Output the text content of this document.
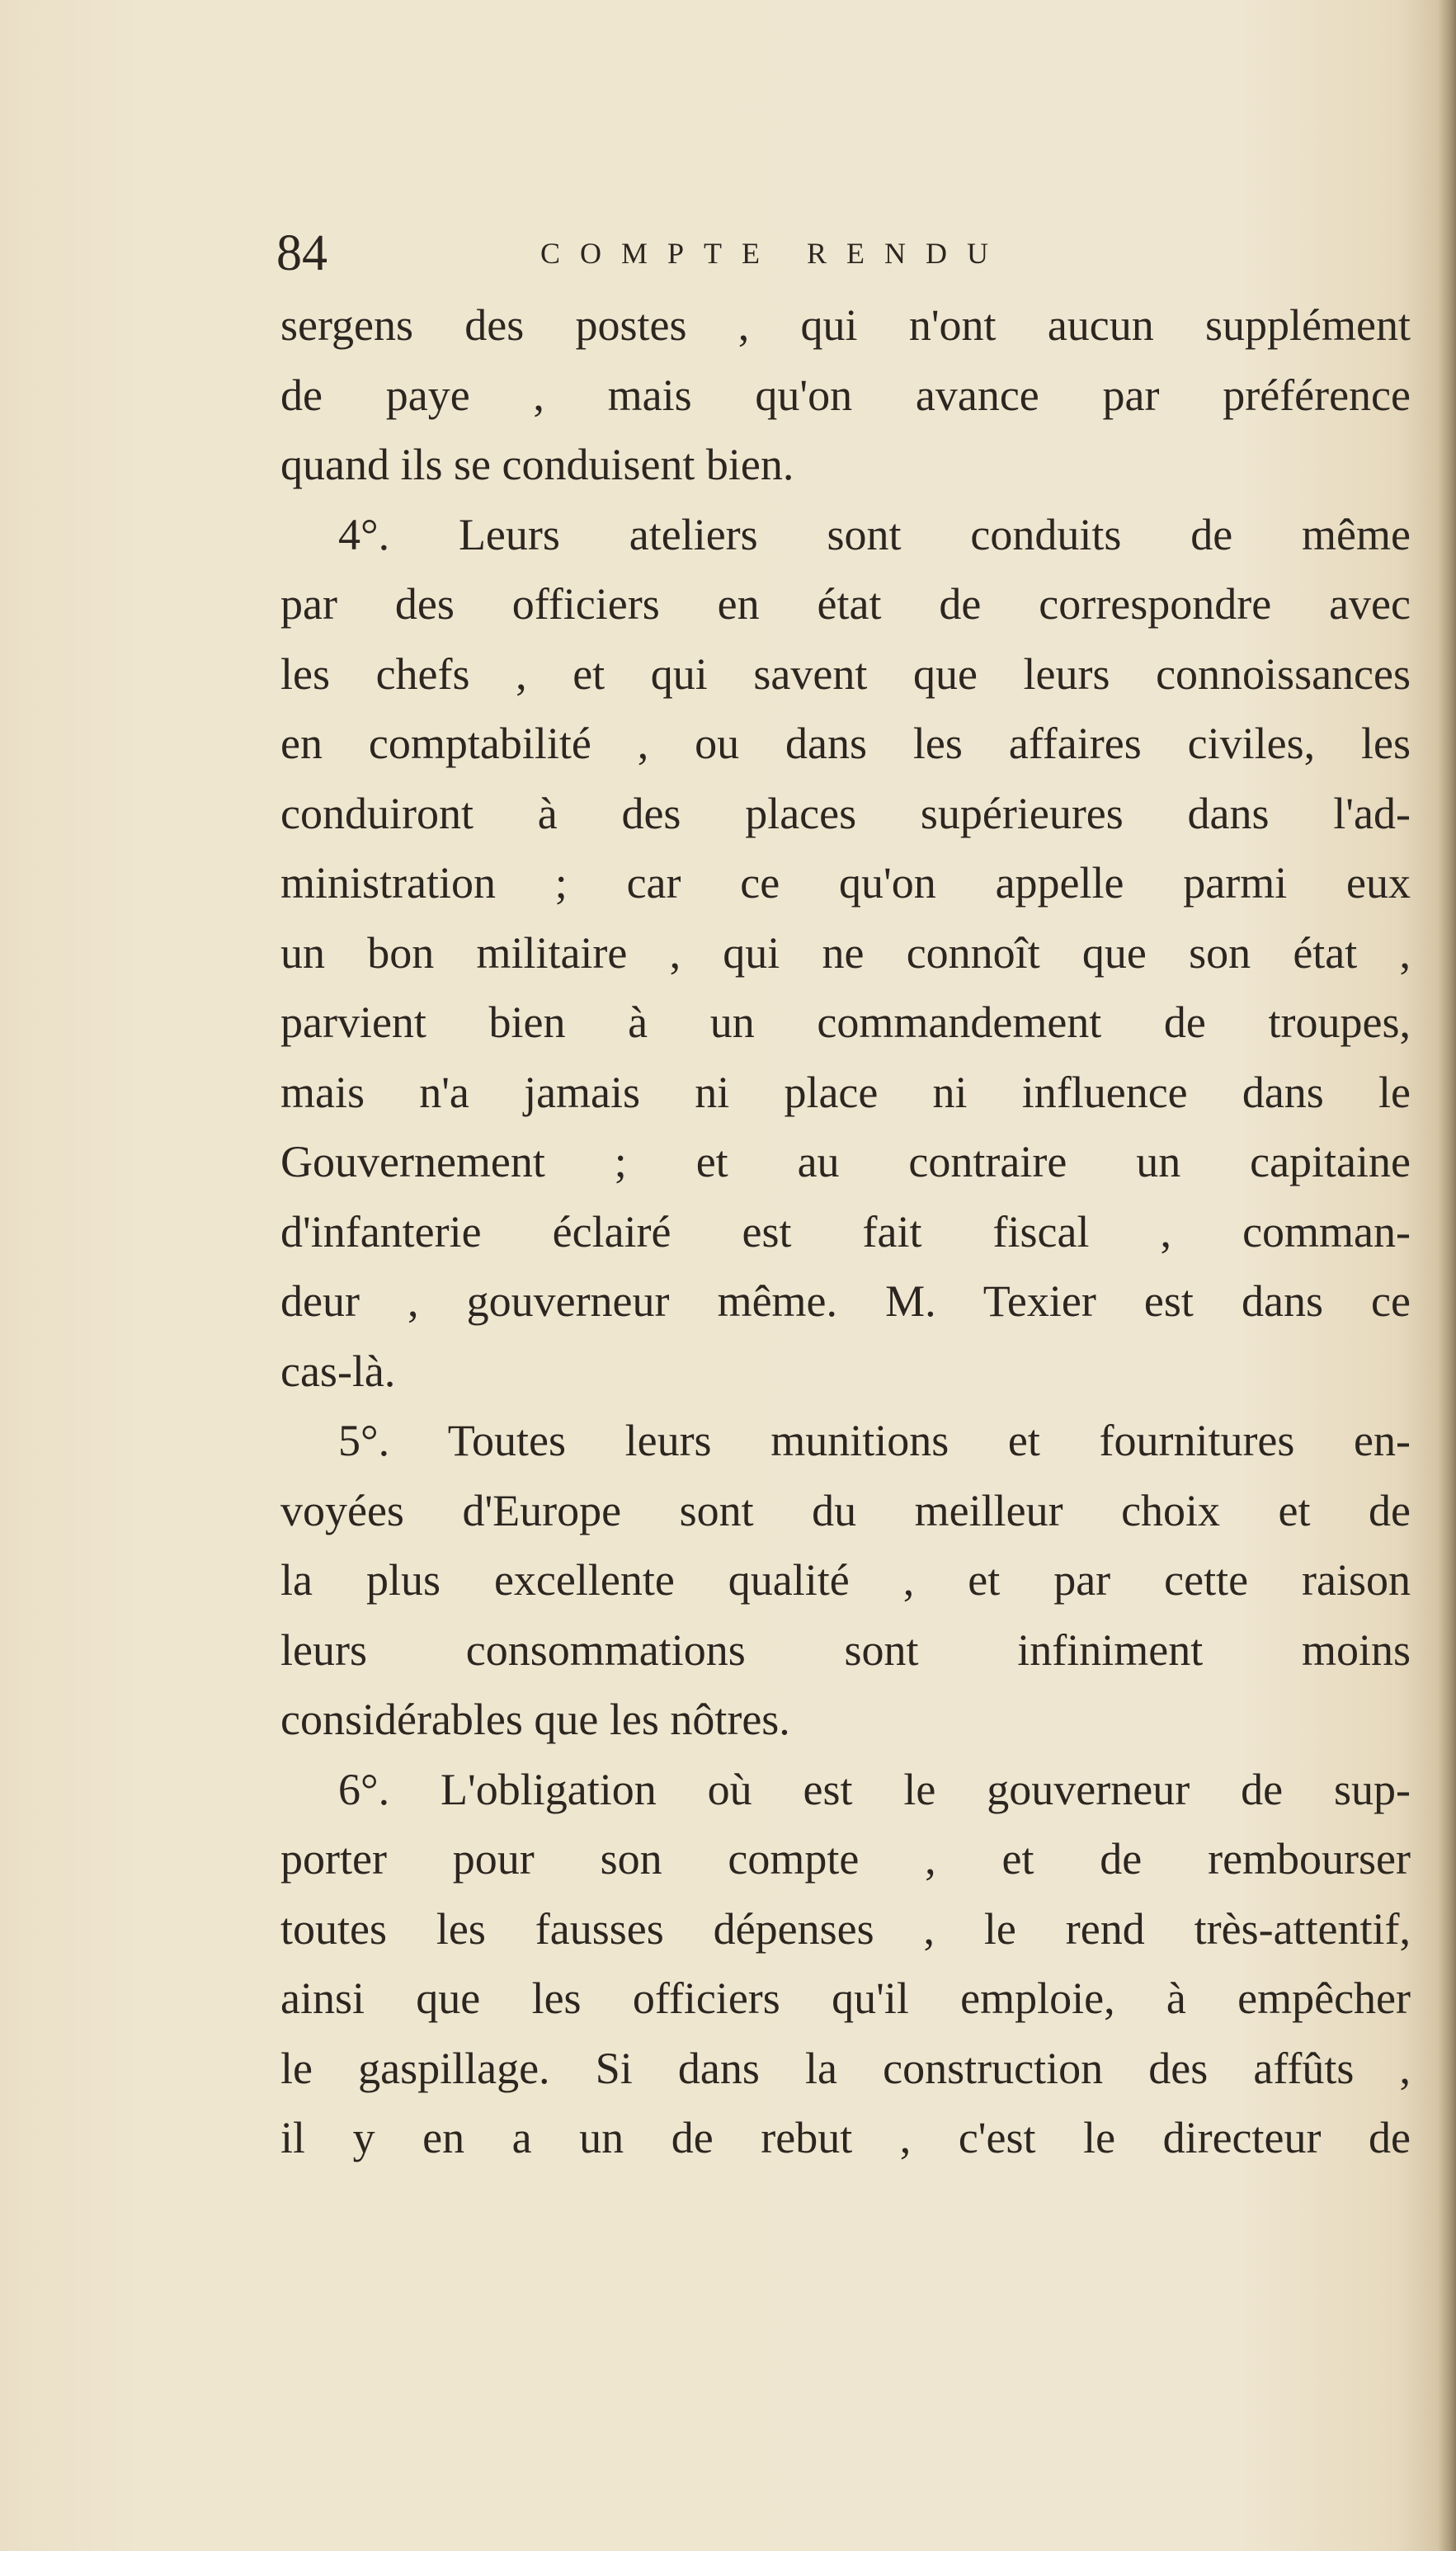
84	COMPTE RENDU
sergens des postes , qui n'ont aucun supplément
de paye , mais qu'on avance par préférence
quand ils se conduisent bien.
4°. Leurs ateliers sont conduits de même
par des officiers en état de correspondre avec
les chefs , et qui savent que leurs connoissances
en comptabilité , ou dans les affaires civiles, les
conduiront à des places supérieures dans l'ad-
ministration ; car ce qu'on appelle parmi eux
un bon militaire , qui ne connoît que son état ,
parvient bien à un commandement de troupes,
mais n'a jamais ni place ni influence dans le
Gouvernement ; et au contraire un capitaine
d'infanterie éclairé est fait fiscal , comman-
deur , gouverneur même. M. Texier est dans ce
cas-là.
5°. Toutes leurs munitions et fournitures en-
voyées d'Europe sont du meilleur choix et de
la plus excellente qualité , et par cette raison
leurs consommations sont infiniment moins
considérables que les nôtres.
6°. L'obligation où est le gouverneur de sup-
porter pour son compte , et de rembourser
toutes les fausses dépenses , le rend très-attentif,
ainsi que les officiers qu'il emploie, à empêcher
le gaspillage. Si dans la construction des affûts ,
il y en a un de rebut , c'est le directeur de
